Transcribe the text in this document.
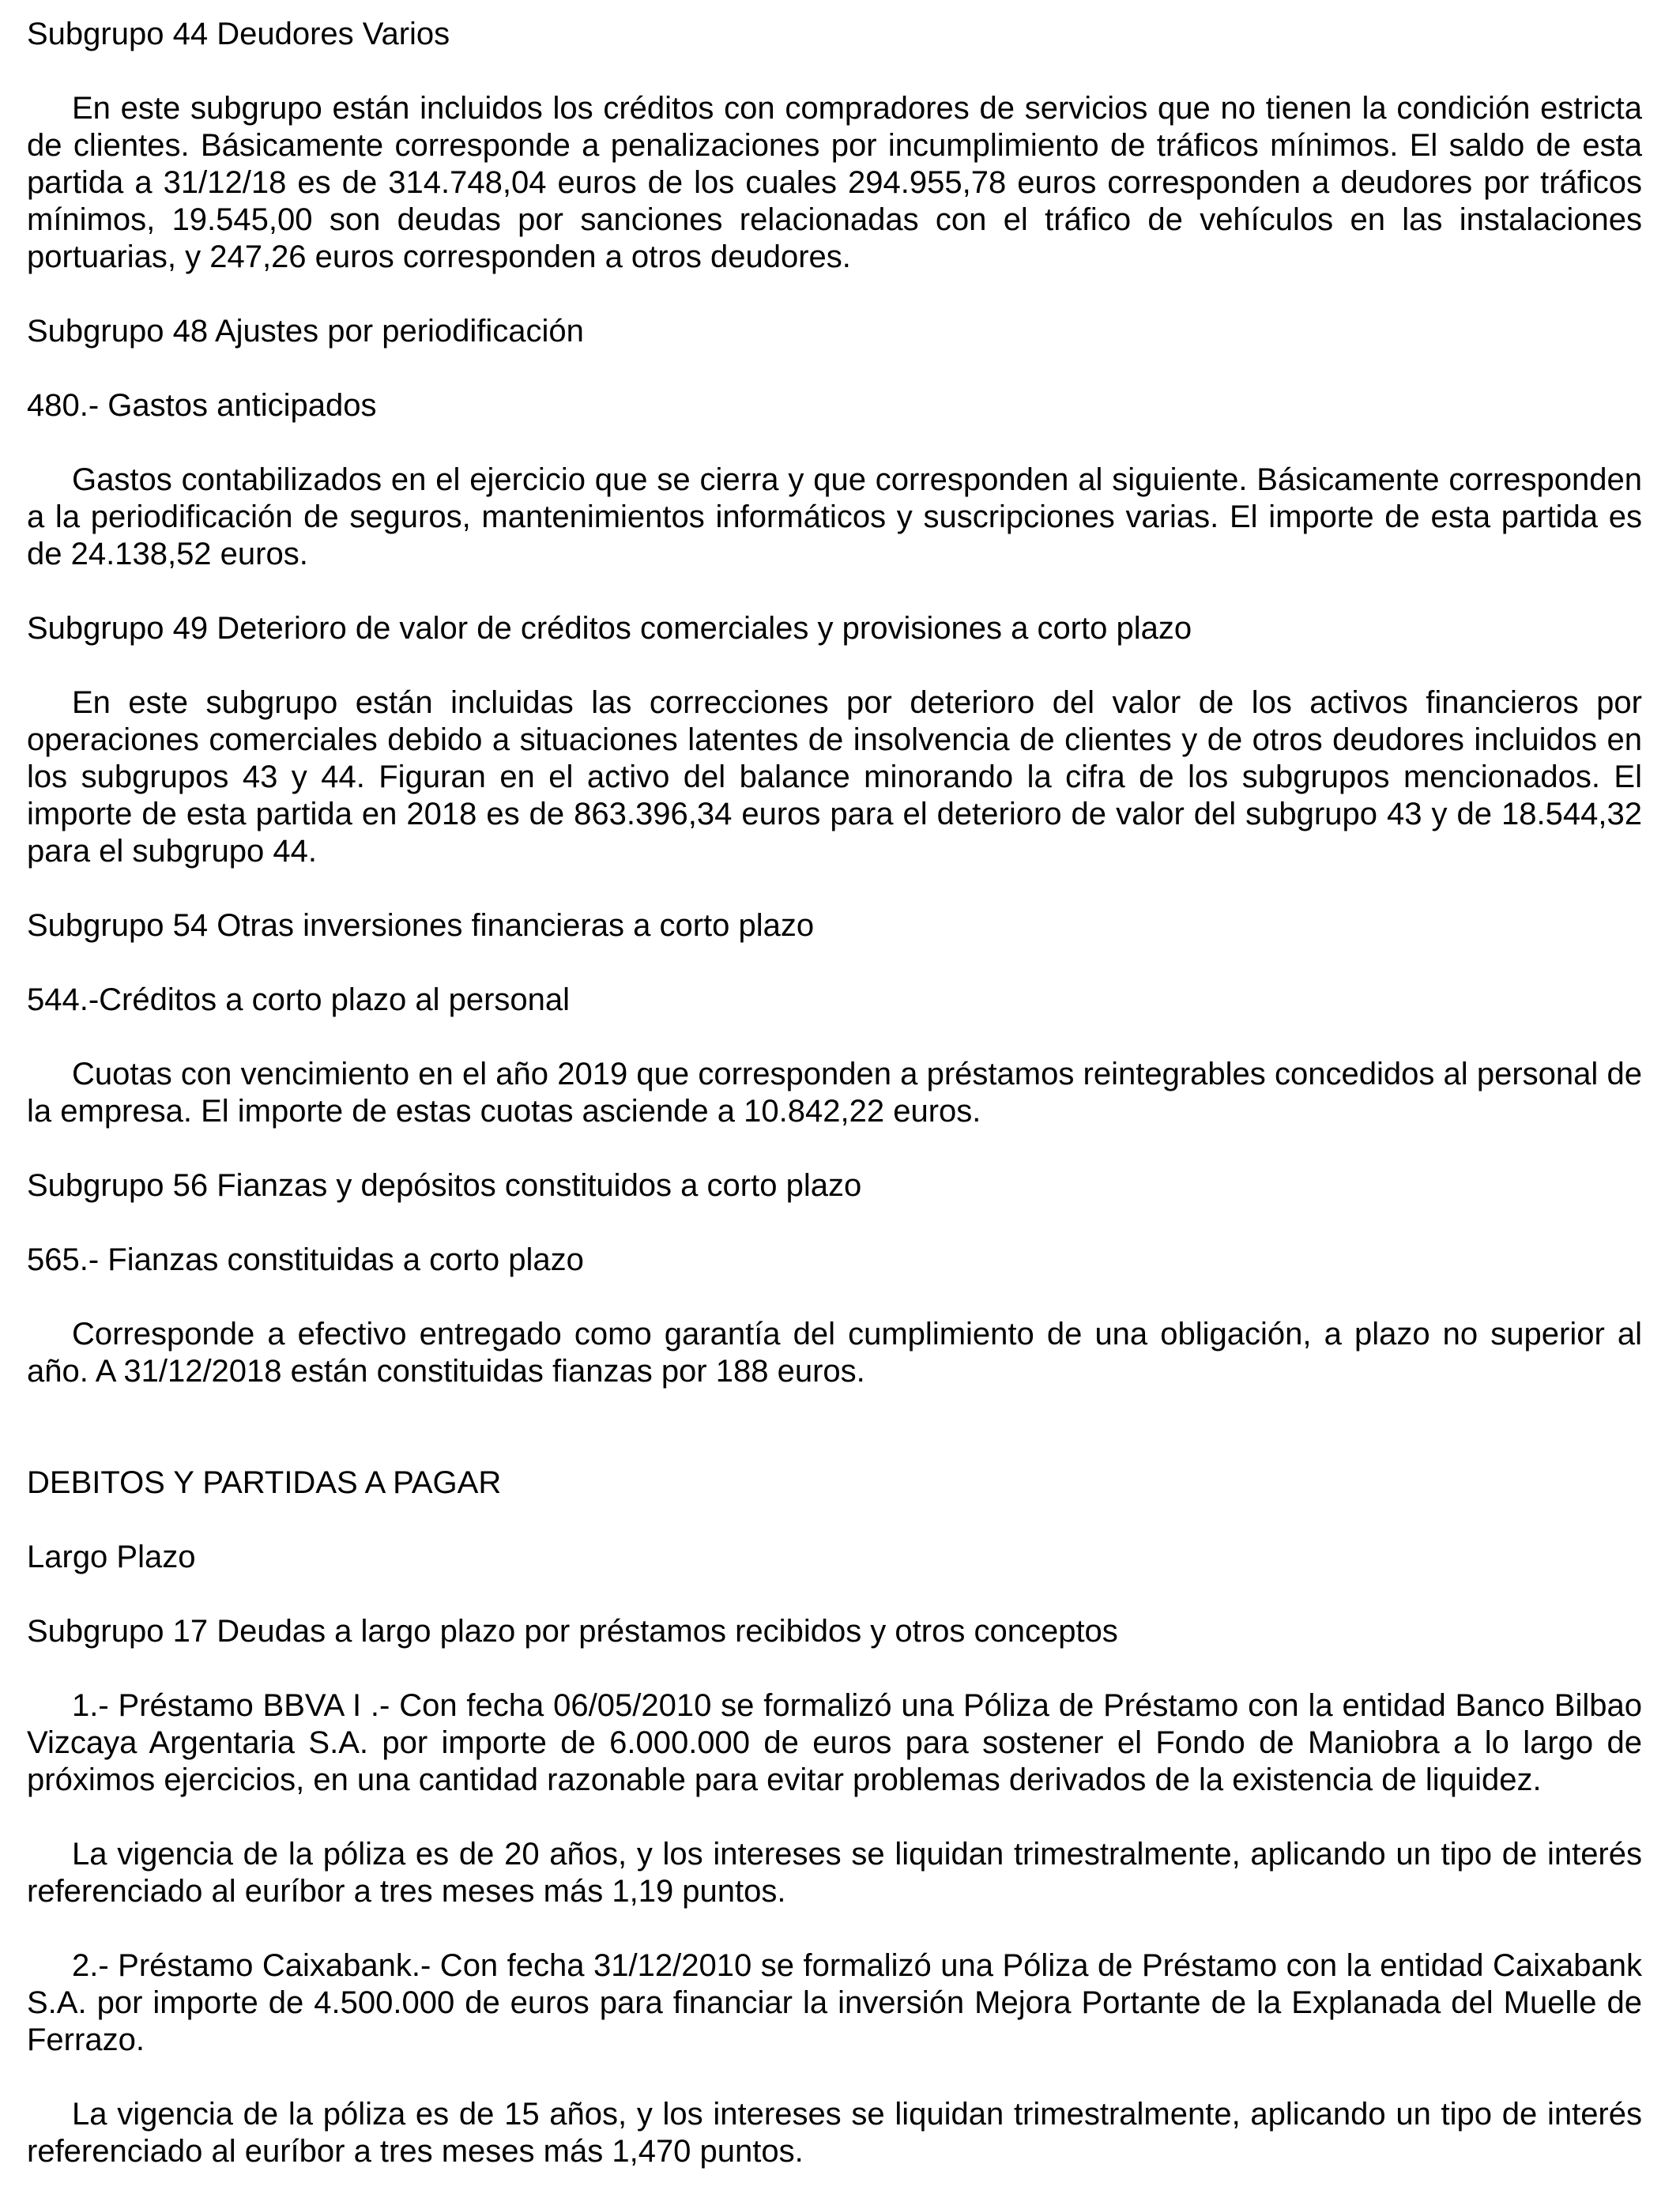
Subgrupo 44 Deudores Varios

En este subgrupo están incluidos los créditos con compradores de servicios que no tienen la condición estricta de clientes. Básicamente corresponde a penalizaciones por incumplimiento de tráficos mínimos. El saldo de esta partida a 31/12/18 es de 314.748,04 euros de los cuales 294.955,78 euros corresponden a deudores por tráficos mínimos, 19.545,00 son deudas por sanciones relacionadas con el tráfico de vehículos en las instalaciones portuarias, y 247,26 euros corresponden a otros deudores.

Subgrupo 48 Ajustes por periodificación

480.- Gastos anticipados

Gastos contabilizados en el ejercicio que se cierra y que corresponden al siguiente. Básicamente corresponden a la periodificación de seguros, mantenimientos informáticos y suscripciones varias. El importe de esta partida es de 24.138,52 euros.

Subgrupo 49 Deterioro de valor de créditos comerciales y provisiones a corto plazo

En este subgrupo están incluidas las correcciones por deterioro del valor de los activos financieros por operaciones comerciales debido a situaciones latentes de insolvencia de clientes y de otros deudores incluidos en los subgrupos 43 y 44. Figuran en el activo del balance minorando la cifra de los subgrupos mencionados. El importe de esta partida en 2018 es de 863.396,34 euros para el deterioro de valor del subgrupo 43 y de 18.544,32 para el subgrupo 44.

Subgrupo 54 Otras inversiones financieras a corto plazo

544.-Créditos a corto plazo al personal

Cuotas con vencimiento en el año 2019 que corresponden a préstamos reintegrables concedidos al personal de la empresa. El importe de estas cuotas asciende a 10.842,22 euros.

Subgrupo 56 Fianzas y depósitos constituidos a corto plazo

565.- Fianzas constituidas a corto plazo

Corresponde a efectivo entregado como garantía del cumplimiento de una obligación, a plazo no superior al año. A 31/12/2018 están constituidas fianzas por 188 euros.

DEBITOS Y PARTIDAS A PAGAR

Largo Plazo

Subgrupo 17 Deudas a largo plazo por préstamos recibidos y otros conceptos

1.- Préstamo BBVA I .- Con fecha 06/05/2010 se formalizó una Póliza de Préstamo con la entidad Banco Bilbao Vizcaya Argentaria S.A. por importe de 6.000.000 de euros para sostener el Fondo de Maniobra a lo largo de próximos ejercicios, en una cantidad razonable para evitar problemas derivados de la existencia de liquidez.

La vigencia de la póliza es de 20 años, y los intereses se liquidan trimestralmente, aplicando un tipo de interés referenciado al euríbor a tres meses más 1,19 puntos.

2.- Préstamo Caixabank.- Con fecha 31/12/2010 se formalizó una Póliza de Préstamo con la entidad Caixabank S.A. por importe de 4.500.000 de euros para financiar la inversión Mejora Portante de la Explanada del Muelle de Ferrazo.

La vigencia de la póliza es de 15 años, y los intereses se liquidan trimestralmente, aplicando un tipo de interés referenciado al euríbor a tres meses más 1,470 puntos.
